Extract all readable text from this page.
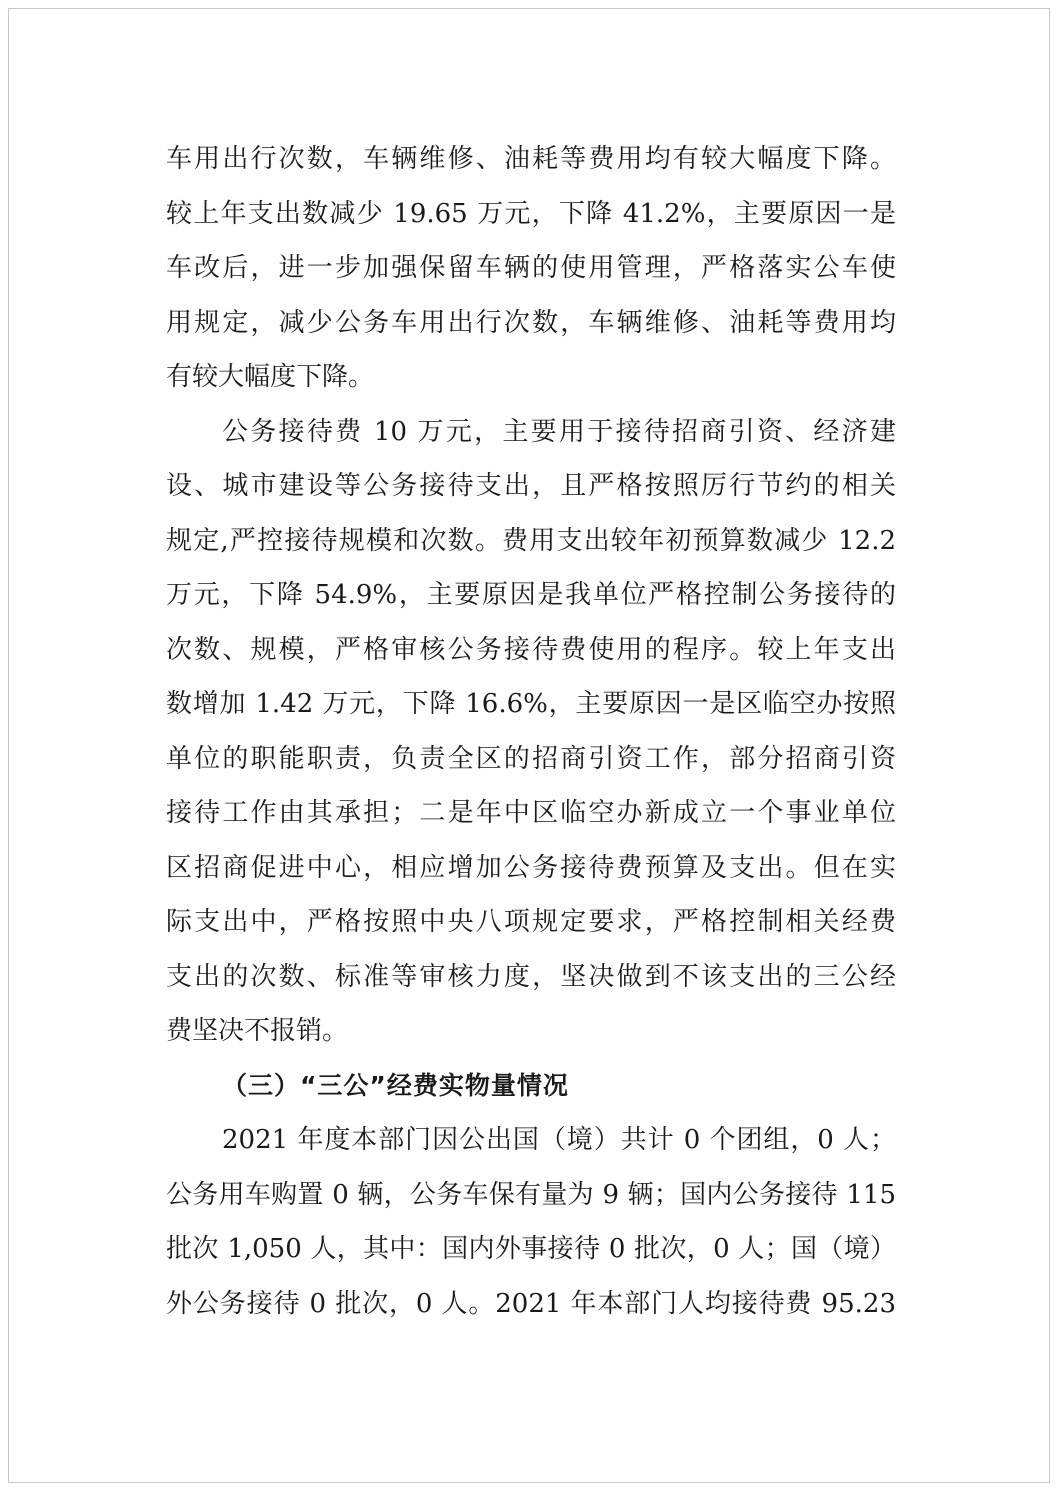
车用出行次数，车辆维修、油耗等费用均有较大幅度下降。
较上年支出数减少 19.65 万元，下降 41.2%，主要原因一是
车改后，进一步加强保留车辆的使用管理，严格落实公车使
用规定，减少公务车用出行次数，车辆维修、油耗等费用均
有较大幅度下降。
公务接待费 10 万元，主要用于接待招商引资、经济建
设、城市建设等公务接待支出，且严格按照厉行节约的相关
规定,严控接待规模和次数。费用支出较年初预算数减少 12.2
万元，下降 54.9%，主要原因是我单位严格控制公务接待的
次数、规模，严格审核公务接待费使用的程序。较上年支出
数增加 1.42 万元，下降 16.6%，主要原因一是区临空办按照
单位的职能职责，负责全区的招商引资工作，部分招商引资
接待工作由其承担；二是年中区临空办新成立一个事业单位
区招商促进中心，相应增加公务接待费预算及支出。但在实
际支出中，严格按照中央八项规定要求，严格控制相关经费
支出的次数、标准等审核力度，坚决做到不该支出的三公经
费坚决不报销。
（三）“三公”经费实物量情况
2021 年度本部门因公出国（境）共计 0 个团组，0 人；
公务用车购置 0 辆，公务车保有量为 9 辆；国内公务接待 115
批次 1,050 人，其中：国内外事接待 0 批次，0 人；国（境）
外公务接待 0 批次，0 人。2021 年本部门人均接待费 95.23
